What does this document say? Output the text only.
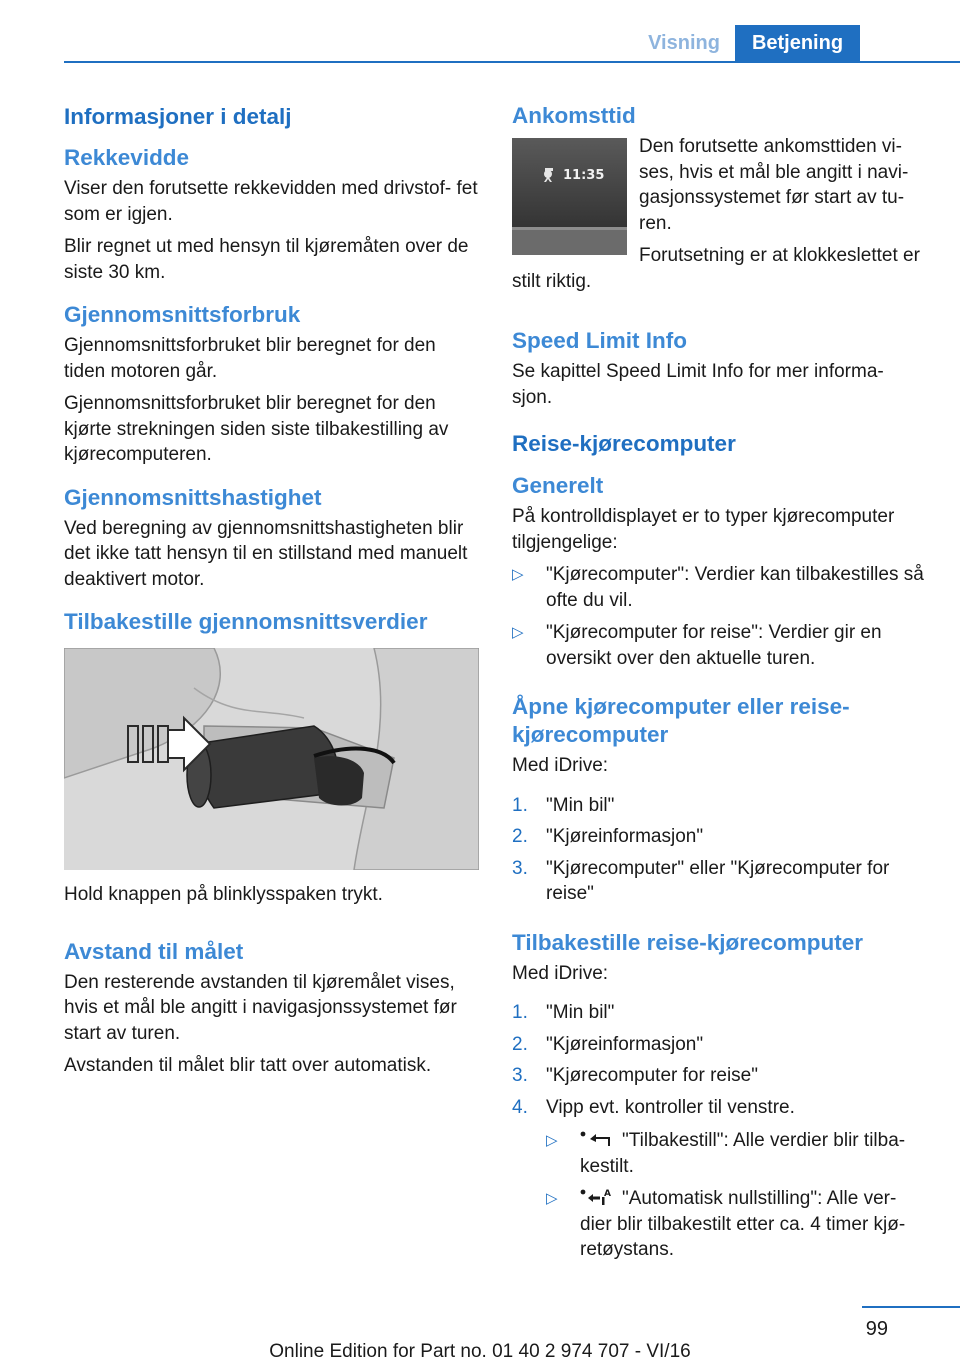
Visning	Betjening
Informasjoner i detalj
Rekkevidde
Viser den forutsette rekkevidden med drivstof‐ fet som er igjen.
Blir regnet ut med hensyn til kjøremåten over de siste 30 km.
Gjennomsnittsforbruk
Gjennomsnittsforbruket blir beregnet for den tiden motoren går.
Gjennomsnittsforbruket blir beregnet for den kjørte strekningen siden siste tilbakestilling av kjørecomputeren.
Gjennomsnittshastighet
Ved beregning av gjennomsnittshastigheten blir det ikke tatt hensyn til en stillstand med manuelt deaktivert motor.
Tilbakestille gjennomsnittsverdier
Hold knappen på blinklysspaken trykt.
Avstand til målet
Den resterende avstanden til kjøremålet vises, hvis et mål ble angitt i navigasjonssystemet før start av turen.
Avstanden til målet blir tatt over automatisk.
Ankomsttid
11:35
Den forutsette ankomsttiden vi‐ ses, hvis et mål ble angitt i navi‐ gasjonssystemet før start av tu‐ ren.
Forutsetning er at klokkeslettet er stilt riktig.
Speed Limit Info
Se kapittel Speed Limit Info for mer informa‐ sjon.
Reise-kjørecomputer
Generelt
På kontrolldisplayet er to typer kjørecomputer tilgjengelige:
▷ "Kjørecomputer": Verdier kan tilbakestilles så ofte du vil.
▷ "Kjørecomputer for reise": Verdier gir en oversikt over den aktuelle turen.
Åpne kjørecomputer eller reise‐ kjørecomputer
Med iDrive:
1. "Min bil"
2. "Kjøreinformasjon"
3. "Kjørecomputer" eller "Kjørecomputer for reise"
Tilbakestille reise-kjørecomputer
Med iDrive:
1. "Min bil"
2. "Kjøreinformasjon"
3. "Kjørecomputer for reise"
4. Vipp evt. kontroller til venstre.
▷	"Tilbakestill": Alle verdier blir tilba‐ kestilt.
▷	A "Automatisk nullstilling": Alle ver‐ dier blir tilbakestilt etter ca. 4 timer kjø‐ retøystans.
99
Online Edition for Part no. 01 40 2 974 707 - VI/16
